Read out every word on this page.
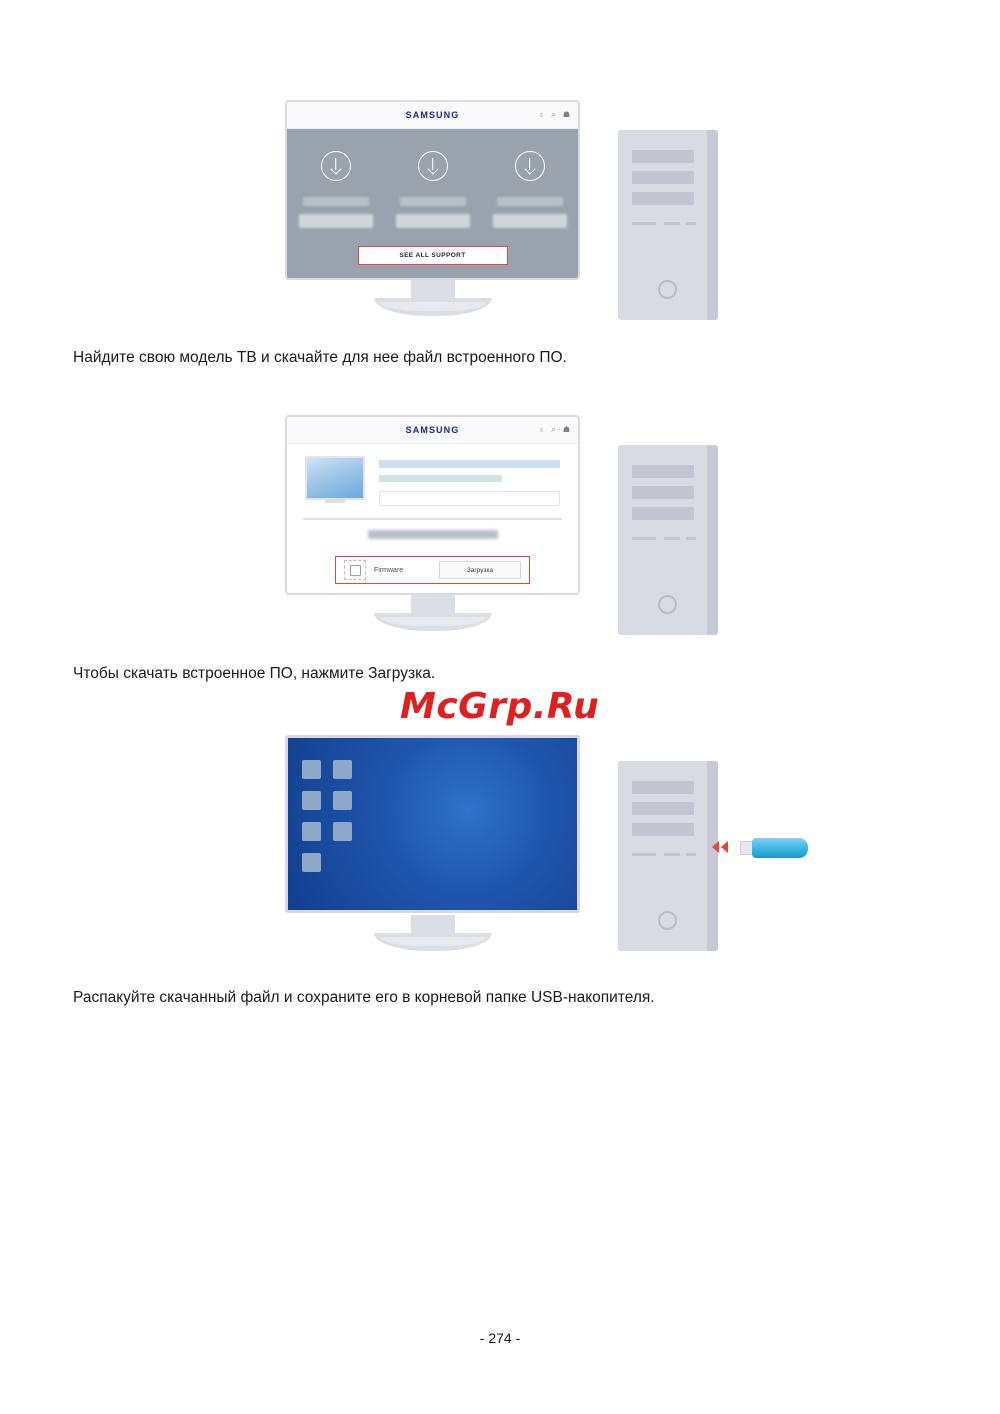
SAMSUNG	♁ ⌕ ☗
SEE ALL SUPPORT
Найдите свою модель ТВ и скачайте для нее файл встроенного ПО.
SAMSUNG	♁ ⌕ ☗
Firmware	Загрузка
Чтобы скачать встроенное ПО, нажмите Загрузка.
McGrp.Ru
Распакуйте скачанный файл и сохраните его в корневой папке USB-накопителя.
- 274 -
